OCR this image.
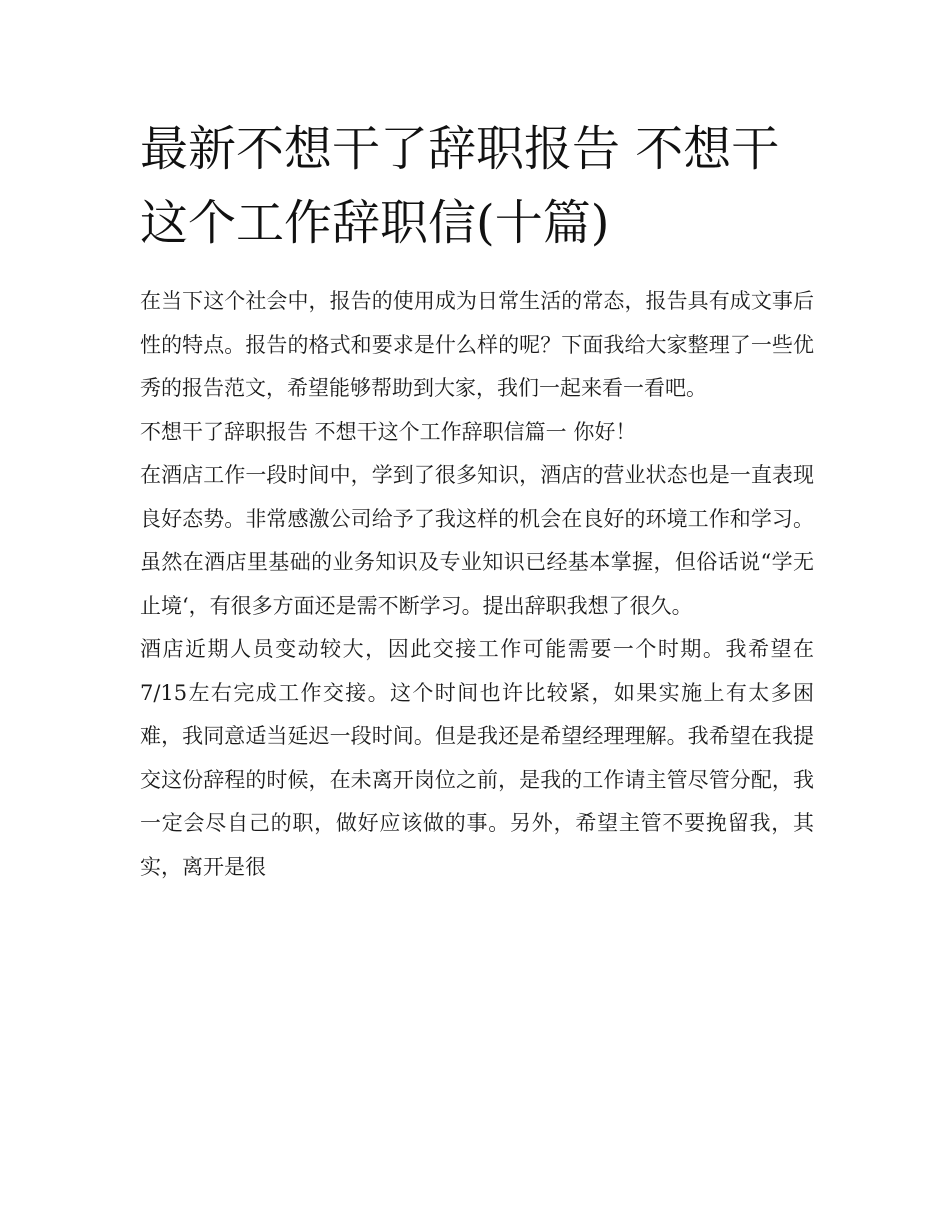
最新不想干了辞职报告 不想干这个工作辞职信(十篇)

在当下这个社会中，报告的使用成为日常生活的常态，报告具有成文事后性的特点。报告的格式和要求是什么样的呢？下面我给大家整理了一些优秀的报告范文，希望能够帮助到大家，我们一起来看一看吧。

不想干了辞职报告 不想干这个工作辞职信篇一 你好！

在酒店工作一段时间中，学到了很多知识，酒店的营业状态也是一直表现良好态势。非常感激公司给予了我这样的机会在良好的环境工作和学习。虽然在酒店里基础的业务知识及专业知识已经基本掌握，但俗话说“学无止境‘，有很多方面还是需不断学习。提出辞职我想了很久。

酒店近期人员变动较大，因此交接工作可能需要一个时期。我希望在7/15左右完成工作交接。这个时间也许比较紧，如果实施上有太多困难，我同意适当延迟一段时间。但是我还是希望经理理解。我希望在我提交这份辞程的时候，在未离开岗位之前，是我的工作请主管尽管分配，我一定会尽自己的职，做好应该做的事。另外，希望主管不要挽留我，其实，离开是很
